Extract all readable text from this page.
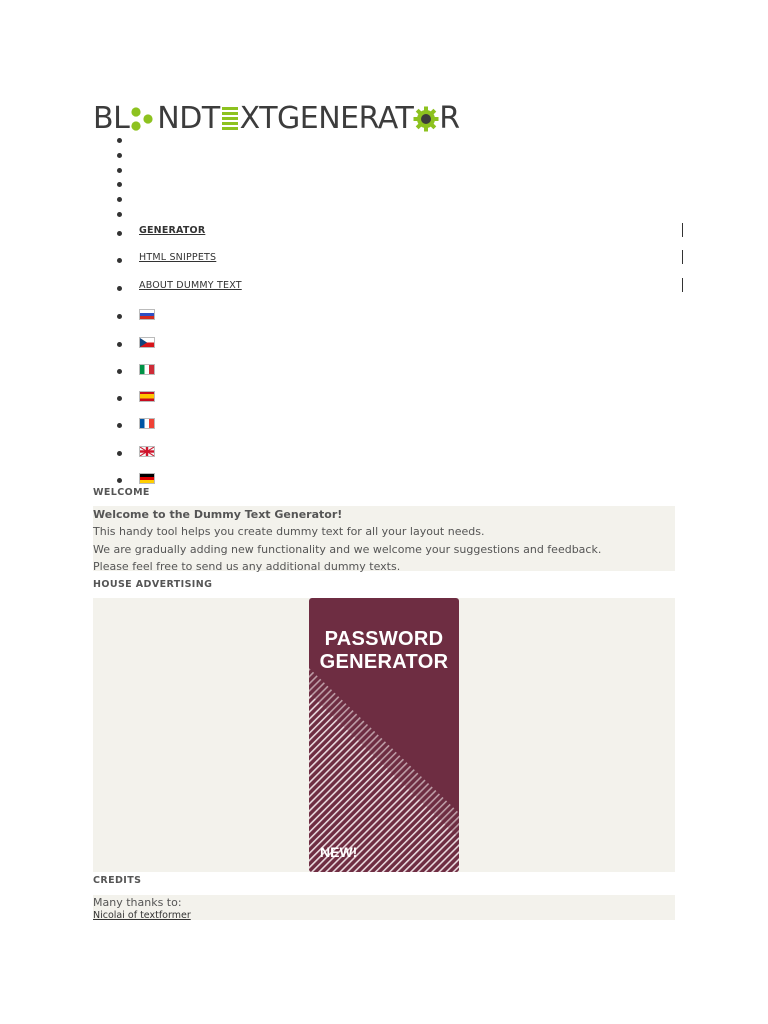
BL NDT XTGENERAT R
GENERATOR
HTML SNIPPETS
ABOUT DUMMY TEXT
WELCOME
Welcome to the Dummy Text Generator!
This handy tool helps you create dummy text for all your layout needs.
We are gradually adding new functionality and we welcome your suggestions and feedback.
Please feel free to send us any additional dummy texts.
HOUSE ADVERTISING
PASSWORD
GENERATOR
NEW!
CREDITS
Many thanks to:
Nicolai of textformer
